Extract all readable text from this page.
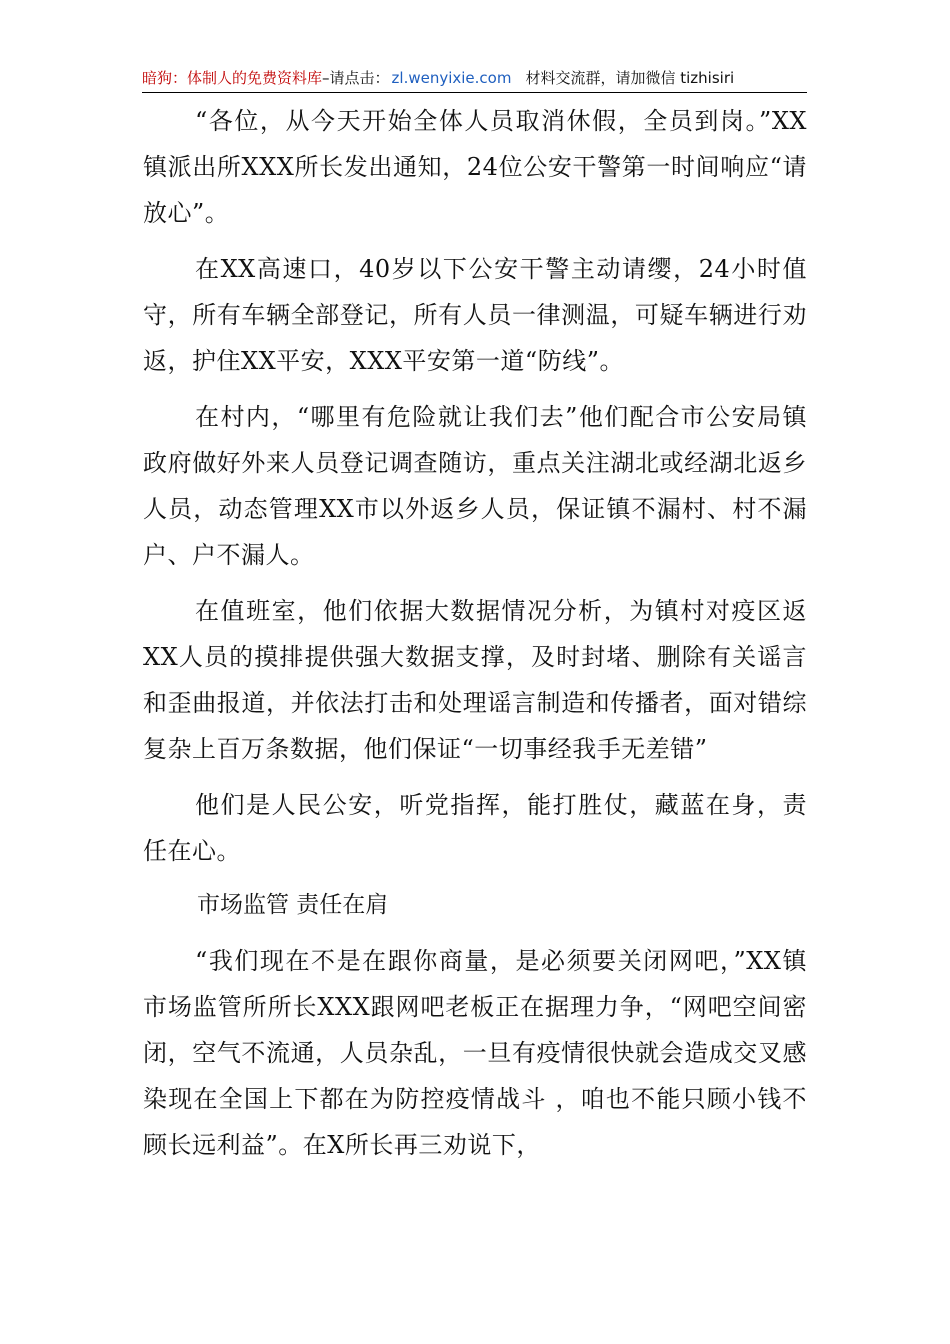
暗狗：体制人的免费资料库–请点击： zl.wenyixie.com 材料交流群，请加微信 tizhisiri

“各位，从今天开始全体人员取消休假，全员到岗。”XX镇派出所XXX所长发出通知，24位公安干警第一时间响应“请放心”。

在XX高速口，40岁以下公安干警主动请缨，24小时值守，所有车辆全部登记，所有人员一律测温，可疑车辆进行劝返，护住XX平安，XXX平安第一道“防线”。

在村内，“哪里有危险就让我们去”他们配合市公安局镇政府做好外来人员登记调查随访，重点关注湖北或经湖北返乡人员，动态管理XX市以外返乡人员，保证镇不漏村、村不漏户、户不漏人。

在值班室，他们依据大数据情况分析，为镇村对疫区返XX人员的摸排提供强大数据支撑，及时封堵、删除有关谣言和歪曲报道，并依法打击和处理谣言制造和传播者，面对错综复杂上百万条数据，他们保证“一切事经我手无差错”

他们是人民公安，听党指挥，能打胜仗，藏蓝在身，责任在心。

市场监管 责任在肩

“我们现在不是在跟你商量，是必须要关闭网吧，”XX镇市场监管所所长XXX跟网吧老板正在据理力争，“网吧空间密闭，空气不流通，人员杂乱，一旦有疫情很快就会造成交叉感染现在全国上下都在为防控疫情战斗 ，咱也不能只顾小钱不顾长远利益”。在X所长再三劝说下，
